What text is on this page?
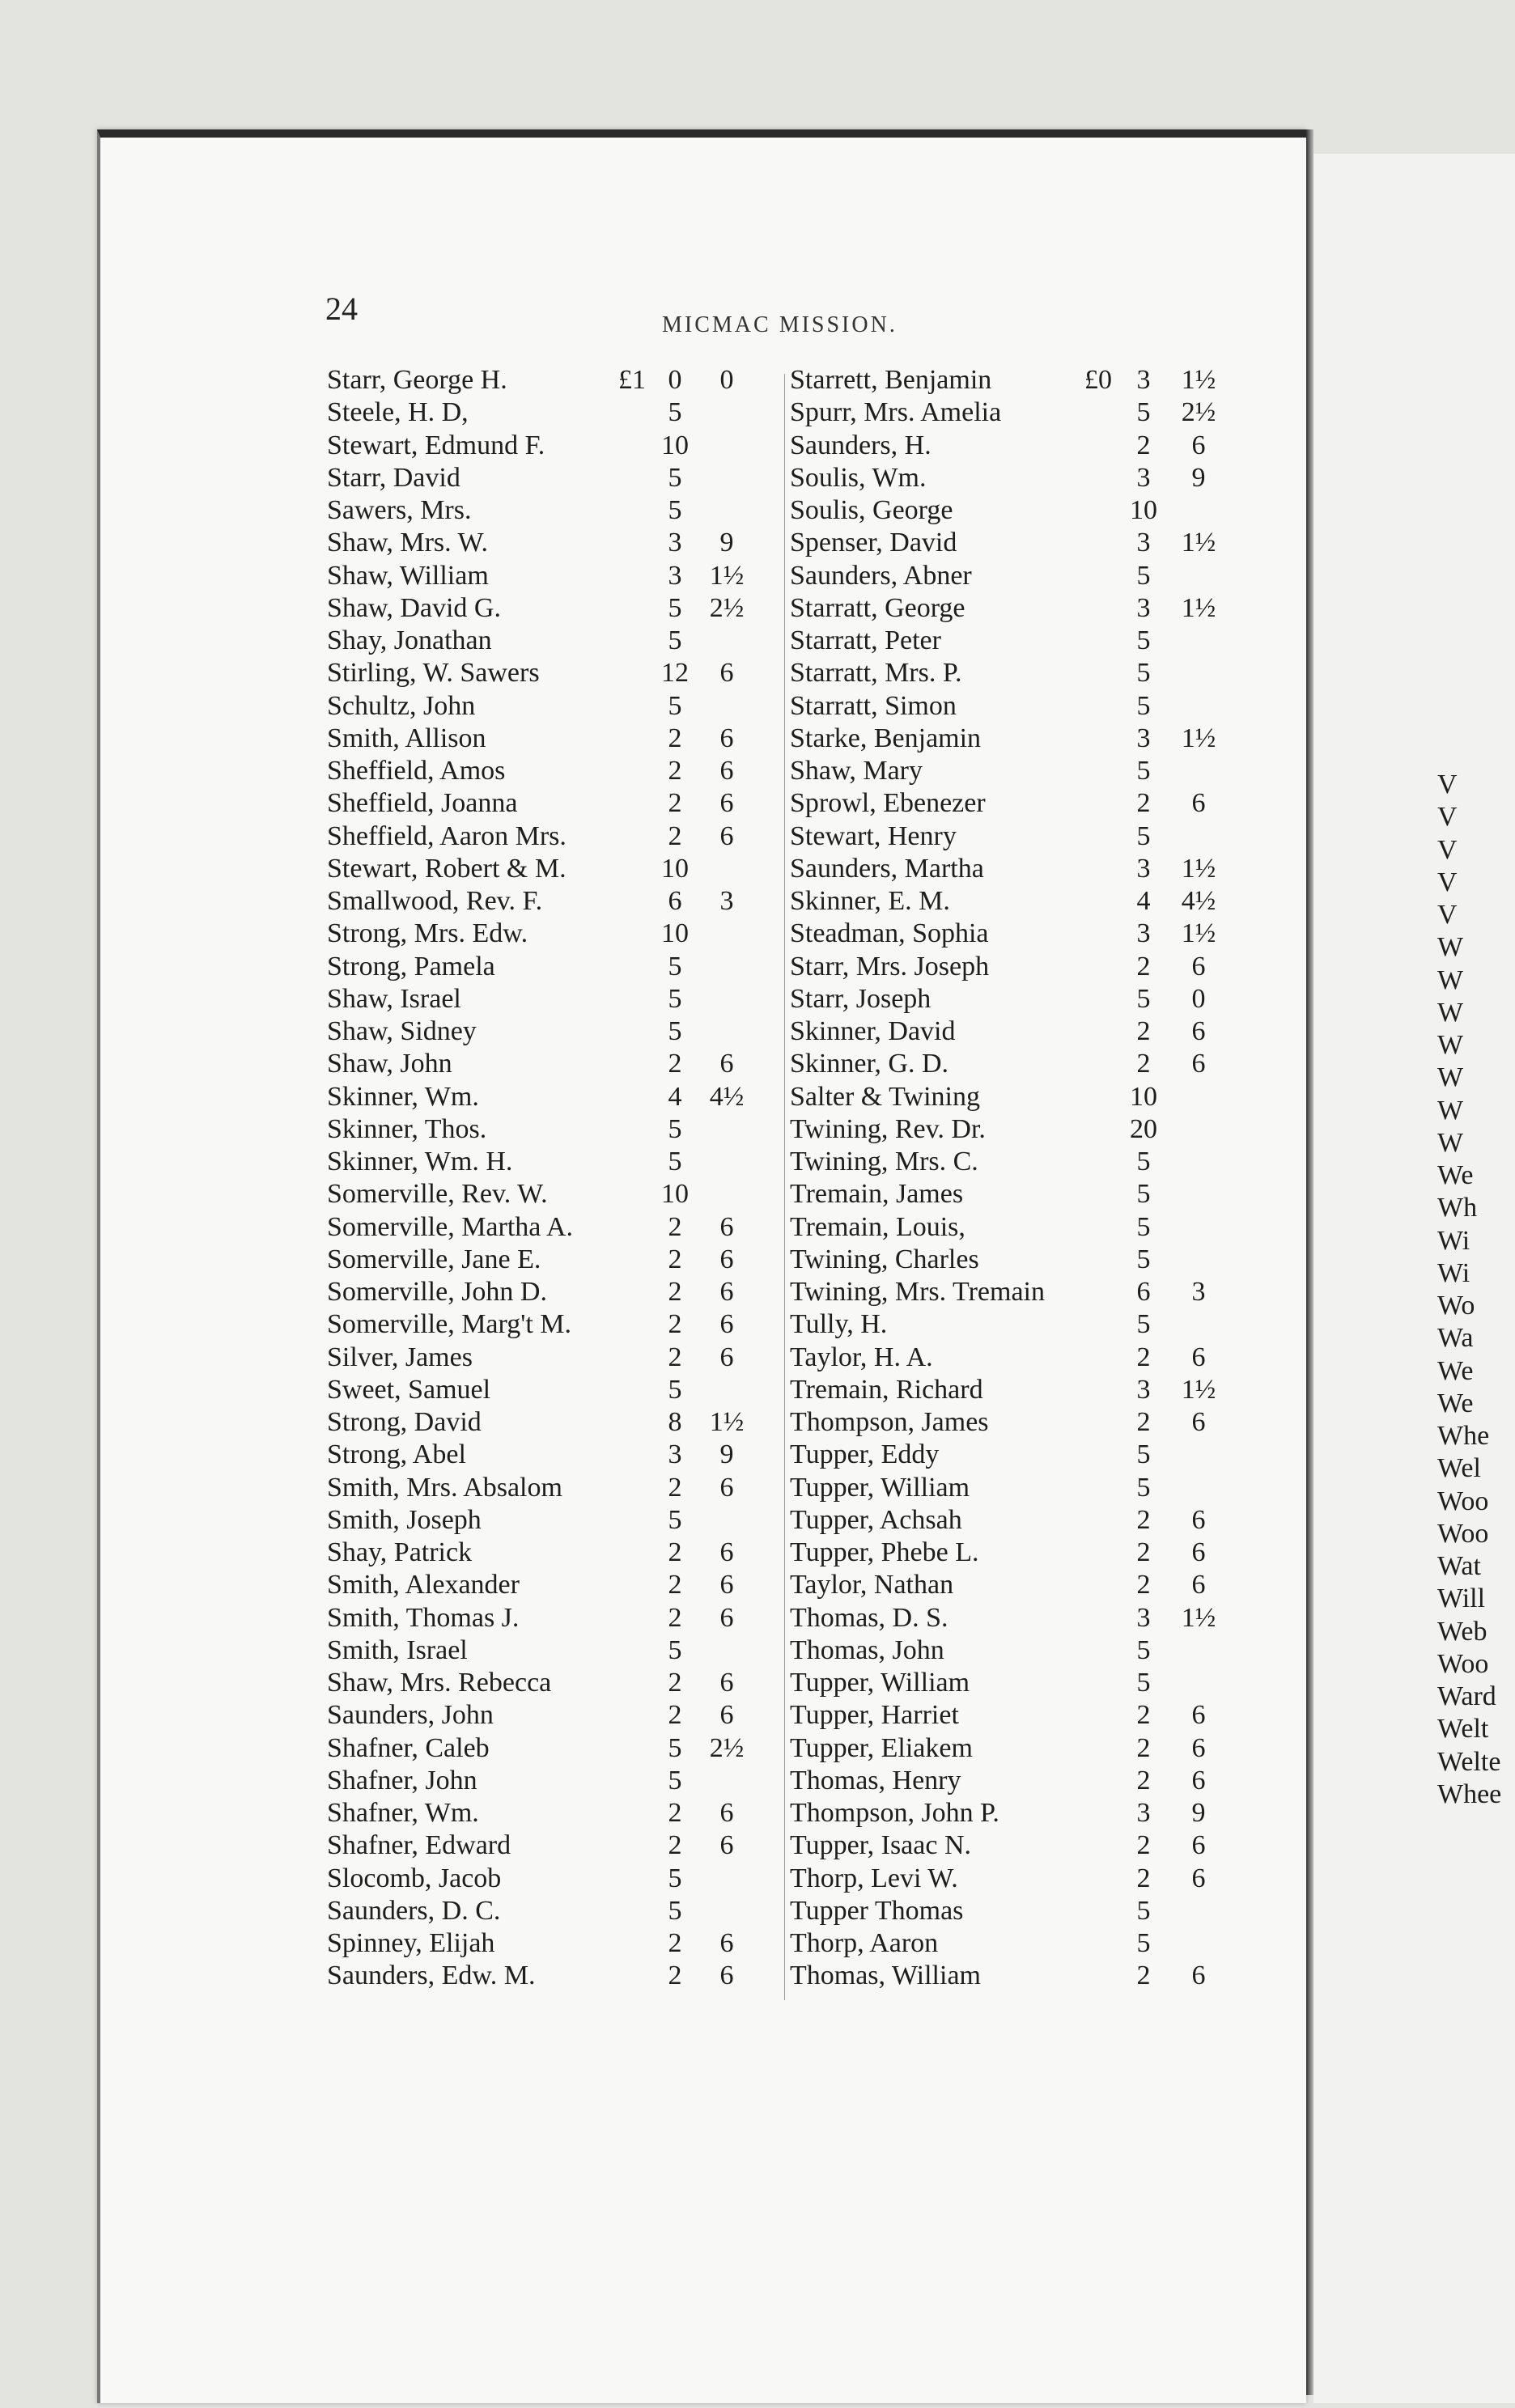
24	MICMAC MISSION.
Starr, George H.	£1 0	0
Steele, H. D,	5
Stewart, Edmund F.	10
Starr, David	5
Sawers, Mrs.	5
Shaw, Mrs. W.	3	9
Shaw, William	3	1½
Shaw, David G.	5	2½
Shay, Jonathan	5
Stirling, W. Sawers	12	6
Schultz, John	5
Smith, Allison	2	6
Sheffield, Amos	2	6
Sheffield, Joanna	2	6
Sheffield, Aaron Mrs.	2	6
Stewart, Robert & M.	10
Smallwood, Rev. F.	6	3
Strong, Mrs. Edw.	10
Strong, Pamela	5
Shaw, Israel	5
Shaw, Sidney	5
Shaw, John	2	6
Skinner, Wm.	4	4½
Skinner, Thos.	5
Skinner, Wm. H.	5
Somerville, Rev. W.	10
Somerville, Martha A.	2	6
Somerville, Jane E.	2	6
Somerville, John D.	2	6
Somerville, Marg't M.	2	6
Silver, James	2	6
Sweet, Samuel	5
Strong, David	8	1½
Strong, Abel	3	9
Smith, Mrs. Absalom	2	6
Smith, Joseph	5
Shay, Patrick	2	6
Smith, Alexander	2	6
Smith, Thomas J.	2	6
Smith, Israel	5
Shaw, Mrs. Rebecca	2	6
Saunders, John	2	6
Shafner, Caleb	5	2½
Shafner, John	5
Shafner, Wm.	2	6
Shafner, Edward	2	6
Slocomb, Jacob	5
Saunders, D. C.	5
Spinney, Elijah	2	6
Saunders, Edw. M.	2	6
Starrett, Benjamin	£0 3	1½
Spurr, Mrs. Amelia	5	2½
Saunders, H.	2	6
Soulis, Wm.	3	9
Soulis, George	10
Spenser, David	3	1½
Saunders, Abner	5
Starratt, George	3	1½
Starratt, Peter	5
Starratt, Mrs. P.	5
Starratt, Simon	5
Starke, Benjamin	3	1½
Shaw, Mary	5
Sprowl, Ebenezer	2	6
Stewart, Henry	5
Saunders, Martha	3	1½
Skinner, E. M.	4	4½
Steadman, Sophia	3	1½
Starr, Mrs. Joseph	2	6
Starr, Joseph	5	0
Skinner, David	2	6
Skinner, G. D.	2	6
Salter & Twining	10
Twining, Rev. Dr.	20
Twining, Mrs. C.	5
Tremain, James	5
Tremain, Louis,	5
Twining, Charles	5
Twining, Mrs. Tremain	6	3
Tully, H.	5
Taylor, H. A.	2	6
Tremain, Richard	3	1½
Thompson, James	2	6
Tupper, Eddy	5
Tupper, William	5
Tupper, Achsah	2	6
Tupper, Phebe L.	2	6
Taylor, Nathan	2	6
Thomas, D. S.	3	1½
Thomas, John	5
Tupper, William	5
Tupper, Harriet	2	6
Tupper, Eliakem	2	6
Thomas, Henry	2	6
Thompson, John P.	3	9
Tupper, Isaac N.	2	6
Thorp, Levi W.	2	6
Tupper Thomas	5
Thorp, Aaron	5
Thomas, William	2	6
V
V
V
V
V
W
W
W
W
W
W
W
We
Wh
Wi
Wi
Wo
Wa
We
We
Whe
Wel
Woo
Woo
Wat
Will
Web
Woo
Ward
Welt
Welte
Whee
